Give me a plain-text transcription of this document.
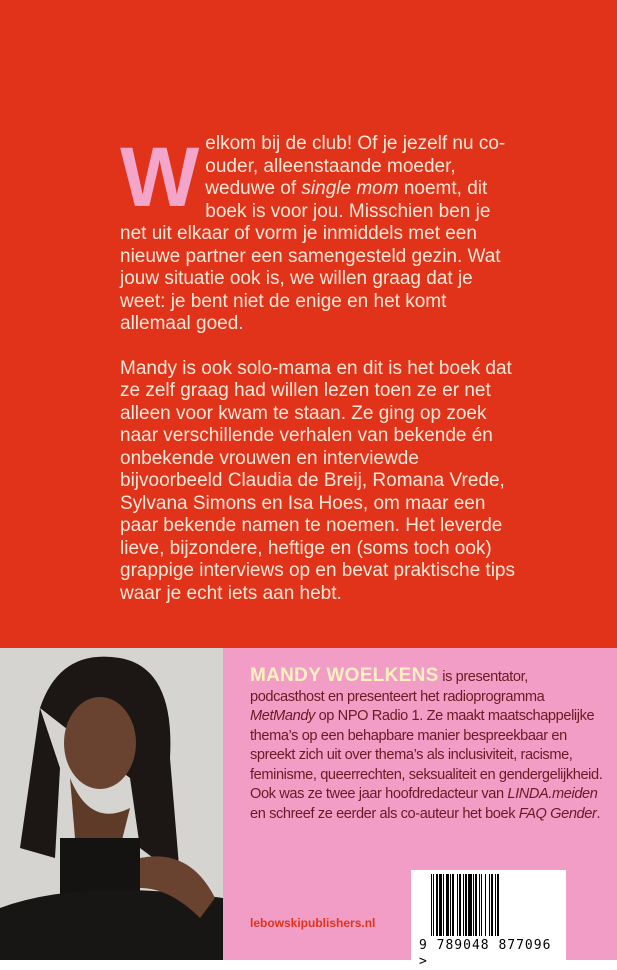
Welkom bij de club! Of je jezelf nu co-ouder, alleenstaande moeder, weduwe of single mom noemt, dit boek is voor jou. Misschien ben je net uit elkaar of vorm je inmiddels met een nieuwe partner een samengesteld gezin. Wat jouw situatie ook is, we willen graag dat je weet: je bent niet de enige en het komt allemaal goed.

Mandy is ook solo-mama en dit is het boek dat ze zelf graag had willen lezen toen ze er net alleen voor kwam te staan. Ze ging op zoek naar verschillende verhalen van bekende én onbekende vrouwen en interviewde bijvoorbeeld Claudia de Breij, Romana Vrede, Sylvana Simons en Isa Hoes, om maar een paar bekende namen te noemen. Het leverde lieve, bijzondere, heftige en (soms toch ook) grappige interviews op en bevat praktische tips waar je echt iets aan hebt.

MANDY WOELKENS is presentator, podcasthost en presenteert het radioprogramma MetMandy op NPO Radio 1. Ze maakt maatschappelijke thema’s op een behapbare manier bespreekbaar en spreekt zich uit over thema’s als inclusiviteit, racisme, feminisme, queerrechten, seksualiteit en gendergelijkheid. Ook was ze twee jaar hoofdredacteur van LINDA.meiden en schreef ze eerder als co-auteur het boek FAQ Gender.
lebowskipublishers.nl
9 789048 877096 >
